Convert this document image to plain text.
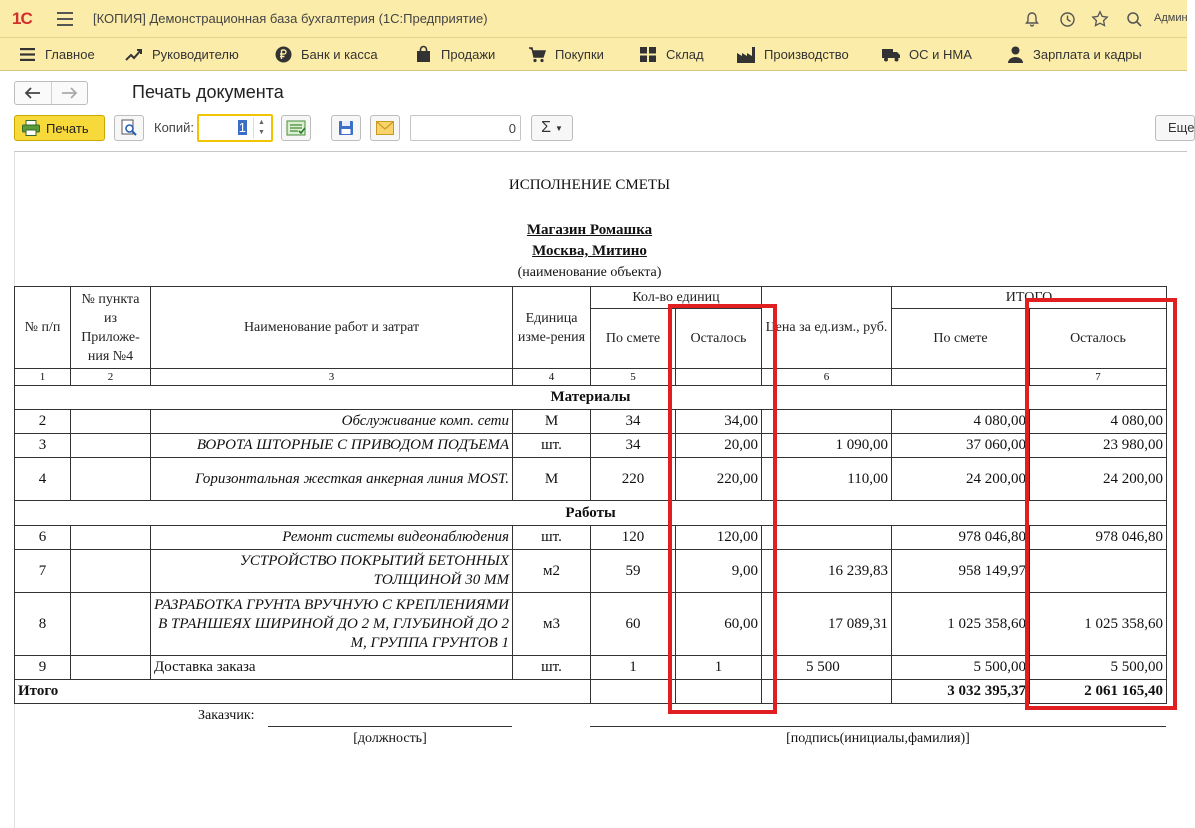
1С	[КОПИЯ] Демонстрационная база бухгалтерия (1С:Предприятие)	Админ
Главное	Руководителю	Банк и касса	Продажи	Покупки	Склад	Производство	ОС и НМА	Зарплата и кадры
Печать документа
Печать	Копий:	1	▲
▼	0 Σ ▼	Еще
ИСПОЛНЕНИЕ СМЕТЫ
Магазин Ромашка
Москва, Митино
(наименование объекта)
№ п/п	№ пункта из Приложе-ния №4	Наименование работ и затрат	Единица изме-рения	Кол-во единиц		Цена за ед.изм., руб.	ИТОГО	
				По смете	Осталось		По смете	Осталось
1	2	3	4	5		6		7
Материалы								
2		Обслуживание комп. сети	М	34	34,00		4 080,00	4 080,00
3		ВОРОТА ШТОРНЫЕ С ПРИВОДОМ ПОДЪЕМА	шт.	34	20,00	1 090,00	37 060,00	23 980,00
4		Горизонтальная жесткая анкерная линия MOST.	М	220	220,00	110,00	24 200,00	24 200,00
Работы								
6		Ремонт системы видеонаблюдения	шт.	120	120,00		978 046,80	978 046,80
7		УСТРОЙСТВО ПОКРЫТИЙ БЕТОННЫХ ТОЛЩИНОЙ 30 ММ	м2	59	9,00	16 239,83	958 149,97	
8		РАЗРАБОТКА ГРУНТА ВРУЧНУЮ С КРЕПЛЕНИЯМИ В ТРАНШЕЯХ ШИРИНОЙ ДО 2 М, ГЛУБИНОЙ ДО 2 М, ГРУППА ГРУНТОВ 1	м3	60	60,00	17 089,31	1 025 358,60	1 025 358,60
9		Доставка заказа	шт.	1	1	5 500	5 500,00	5 500,00
Итого							3 032 395,37	2 061 165,40
Заказчик:
[должность]	[подпись(инициалы,фамилия)]
